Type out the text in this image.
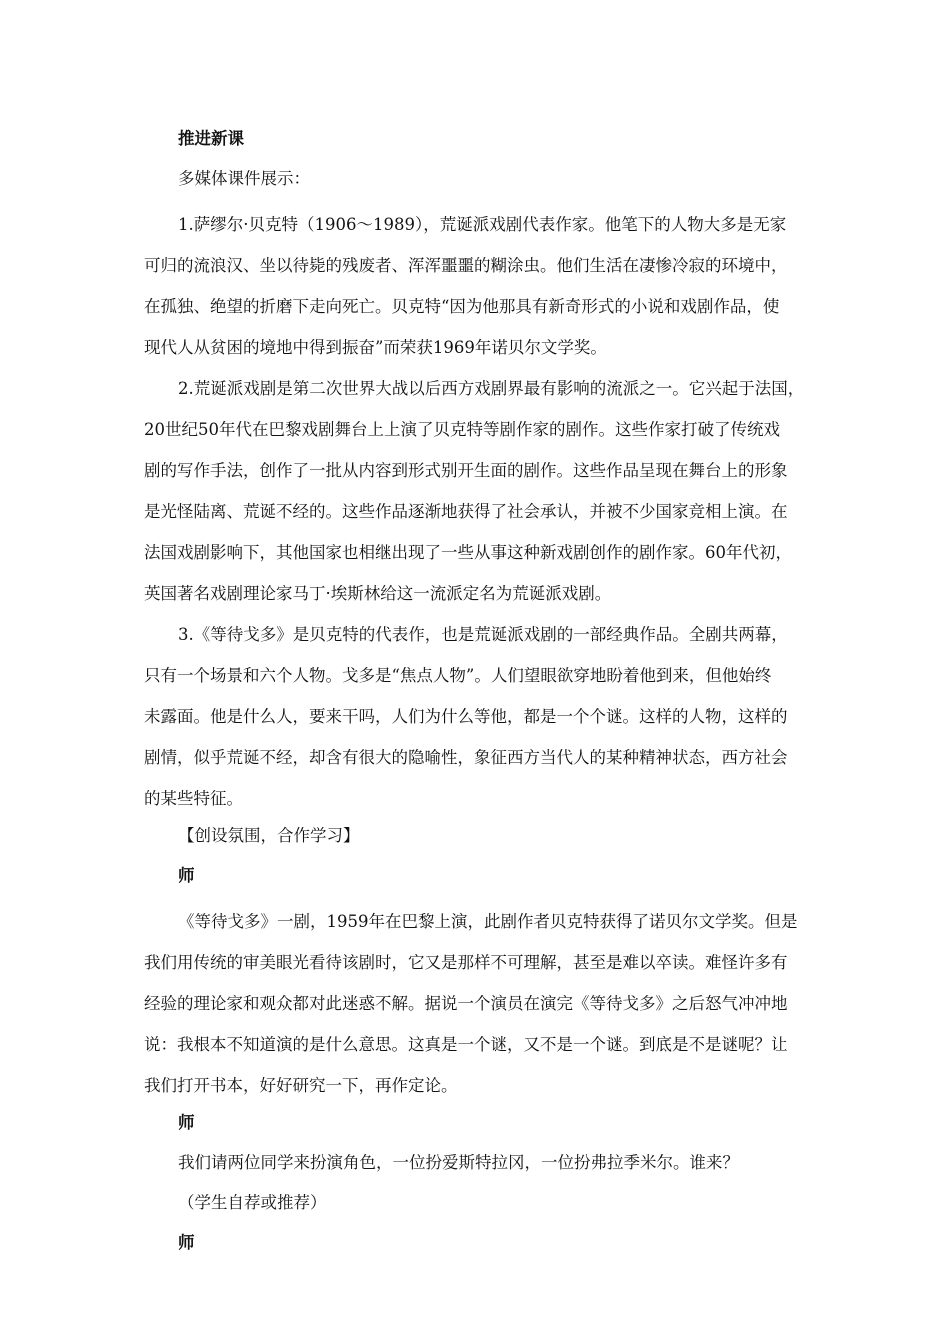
推进新课
多媒体课件展示：
1.萨缪尔·贝克特（1906～1989），荒诞派戏剧代表作家。他笔下的人物大多是无家
可归的流浪汉、坐以待毙的残废者、浑浑噩噩的糊涂虫。他们生活在凄惨冷寂的环境中，
在孤独、绝望的折磨下走向死亡。贝克特“因为他那具有新奇形式的小说和戏剧作品，使
现代人从贫困的境地中得到振奋”而荣获1969年诺贝尔文学奖。
2.荒诞派戏剧是第二次世界大战以后西方戏剧界最有影响的流派之一。它兴起于法国，
20世纪50年代在巴黎戏剧舞台上上演了贝克特等剧作家的剧作。这些作家打破了传统戏
剧的写作手法，创作了一批从内容到形式别开生面的剧作。这些作品呈现在舞台上的形象
是光怪陆离、荒诞不经的。这些作品逐渐地获得了社会承认，并被不少国家竞相上演。在
法国戏剧影响下，其他国家也相继出现了一些从事这种新戏剧创作的剧作家。60年代初，
英国著名戏剧理论家马丁·埃斯林给这一流派定名为荒诞派戏剧。
3.《等待戈多》是贝克特的代表作，也是荒诞派戏剧的一部经典作品。全剧共两幕，
只有一个场景和六个人物。戈多是“焦点人物”。人们望眼欲穿地盼着他到来，但他始终
未露面。他是什么人，要来干吗，人们为什么等他，都是一个个谜。这样的人物，这样的
剧情，似乎荒诞不经，却含有很大的隐喻性，象征西方当代人的某种精神状态，西方社会
的某些特征。
【创设氛围，合作学习】
师
《等待戈多》一剧，1959年在巴黎上演，此剧作者贝克特获得了诺贝尔文学奖。但是
我们用传统的审美眼光看待该剧时，它又是那样不可理解，甚至是难以卒读。难怪许多有
经验的理论家和观众都对此迷惑不解。据说一个演员在演完《等待戈多》之后怒气冲冲地
说：我根本不知道演的是什么意思。这真是一个谜，又不是一个谜。到底是不是谜呢？让
我们打开书本，好好研究一下，再作定论。
师
我们请两位同学来扮演角色，一位扮爱斯特拉冈，一位扮弗拉季米尔。谁来？
（学生自荐或推荐）
师
